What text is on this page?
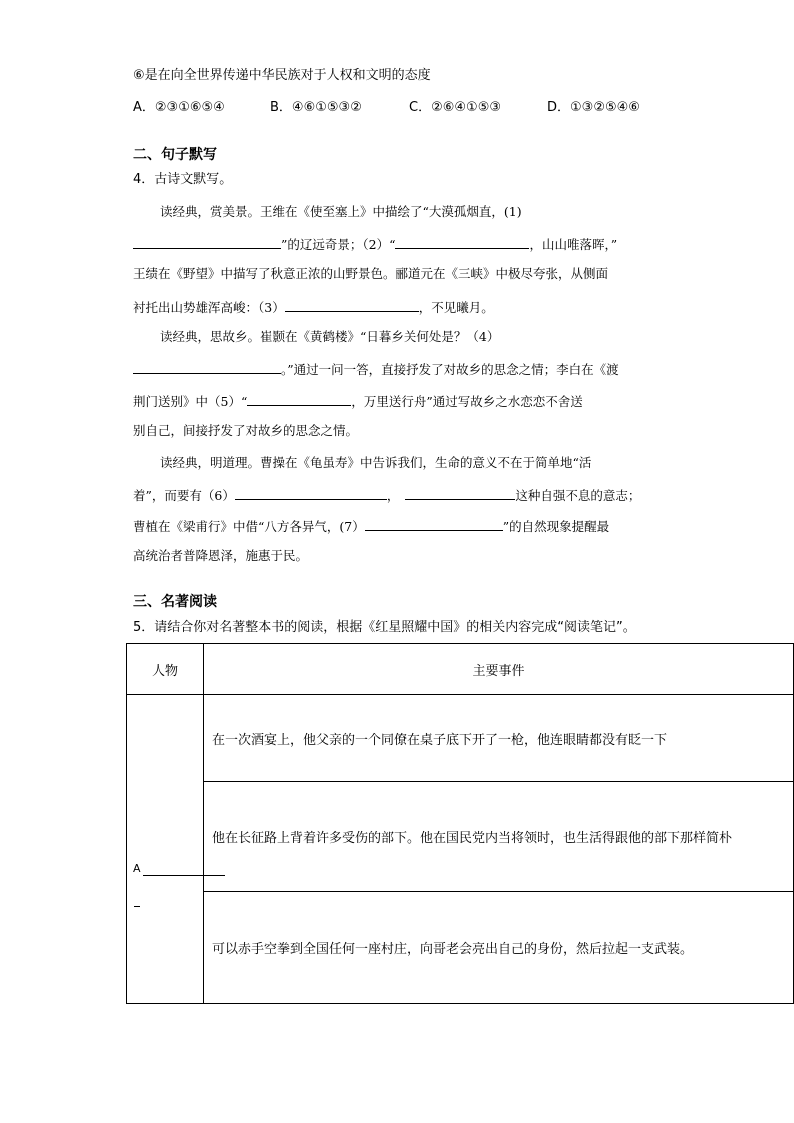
⑥是在向全世界传递中华民族对于人权和文明的态度
A．②③①⑥⑤④	B．④⑥①⑤③②	C．②⑥④①⑤③	D．①③②⑤④⑥
二、句子默写
4．古诗文默写。
读经典，赏美景。王维在《使至塞上》中描绘了“大漠孤烟直，(1)
”的辽远奇景；（2）“	，山山唯落晖，”
王绩在《野望》中描写了秋意正浓的山野景色。郦道元在《三峡》中极尽夸张，从侧面
衬托出山势雄浑高峻：（3）	，不见曦月。
读经典，思故乡。崔颢在《黄鹤楼》“日暮乡关何处是？（4）
。”通过一问一答，直接抒发了对故乡的思念之情；李白在《渡
荆门送别》中（5）“	，万里送行舟”通过写故乡之水恋恋不舍送
别自己，间接抒发了对故乡的思念之情。
读经典，明道理。曹操在《龟虽寿》中告诉我们，生命的意义不在于简单地“活
着”，而要有（6）	，	这种自强不息的意志；
曹植在《梁甫行》中借“八方各异气，(7）	”的自然现象提醒最
高统治者普降恩泽，施惠于民。
三、名著阅读
5．请结合你对名著整本书的阅读，根据《红星照耀中国》的相关内容完成“阅读笔记”。
人物	主要事件

A	在一次酒宴上，他父亲的一个同僚在桌子底下开了一枪，他连眼睛都没有眨一下
	他在长征路上背着许多受伤的部下。他在国民党内当将领时，也生活得跟他的部下那样简朴
	可以赤手空拳到全国任何一座村庄，向哥老会亮出自己的身份，然后拉起一支武装。
